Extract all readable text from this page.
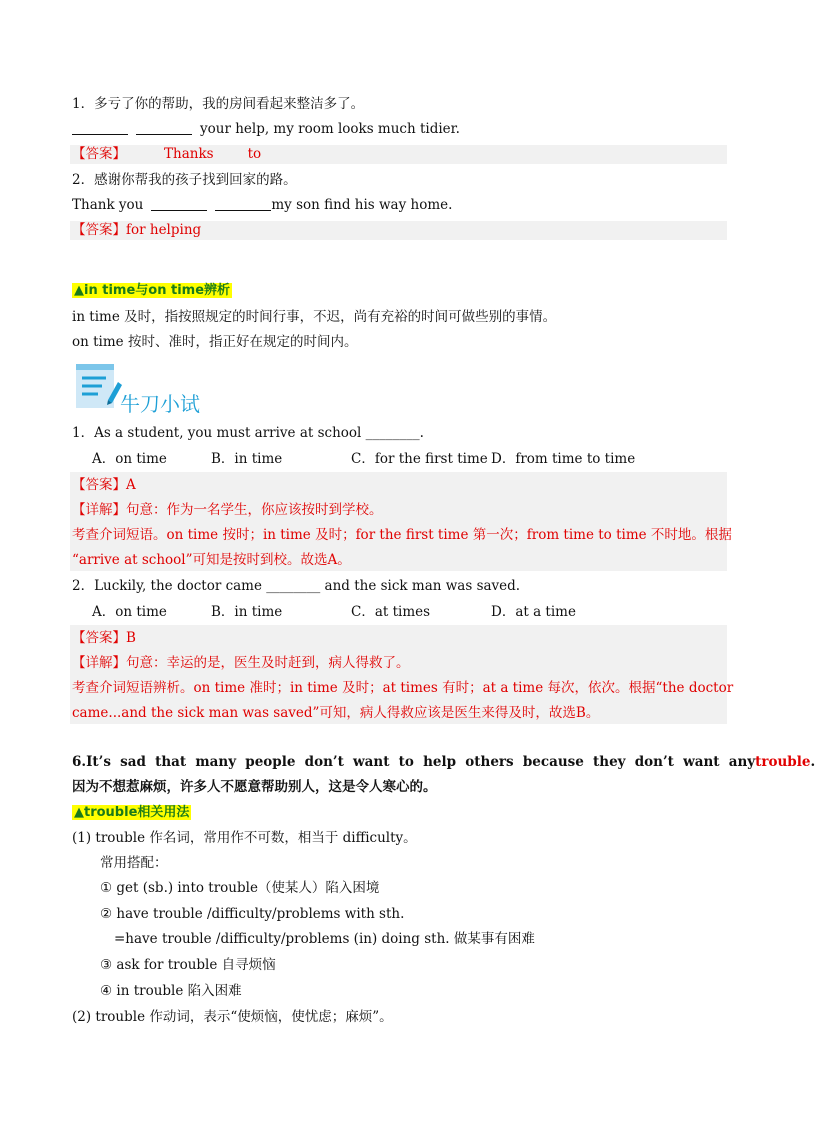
1．多亏了你的帮助，我的房间看起来整洁多了。
your help, my room looks much tidier.
【答案】	Thanks	to
2．感谢你帮我的孩子找到回家的路。
Thank you	my son find his way home.
【答案】for helping
▲in time与on time辨析
in time 及时，指按照规定的时间行事，不迟，尚有充裕的时间可做些别的事情。
on time 按时、准时，指正好在规定的时间内。
牛刀小试
1．As a student, you must arrive at school ________.
A．on time	B．in time	C．for the first time D．from time to time
【答案】A
【详解】句意：作为一名学生，你应该按时到学校。
考查介词短语。on time 按时；in time 及时；for the first time 第一次；from time to time 不时地。根据
“arrive at school”可知是按时到校。故选A。
2．Luckily, the doctor came ________ and the sick man was saved.
A．on time	B．in time	C．at times	D．at a time
【答案】B
【详解】句意：幸运的是，医生及时赶到，病人得救了。
考查介词短语辨析。on time 准时；in time 及时；at times 有时；at a time 每次，依次。根据“the doctor
came...and the sick man was saved”可知，病人得救应该是医生来得及时，故选B。
6.It’s sad that many people don’t want to help others because they don’t want any trouble.
因为不想惹麻烦，许多人不愿意帮助别人，这是令人寒心的。
▲trouble相关用法
(1) trouble 作名词，常用作不可数，相当于 difficulty。
常用搭配：
① get (sb.) into trouble（使某人）陷入困境
② have trouble /difficulty/problems with sth.
=have trouble /difficulty/problems (in) doing sth. 做某事有困难
③ ask for trouble 自寻烦恼
④ in trouble 陷入困难
(2) trouble 作动词，表示“使烦恼，使忧虑；麻烦”。
